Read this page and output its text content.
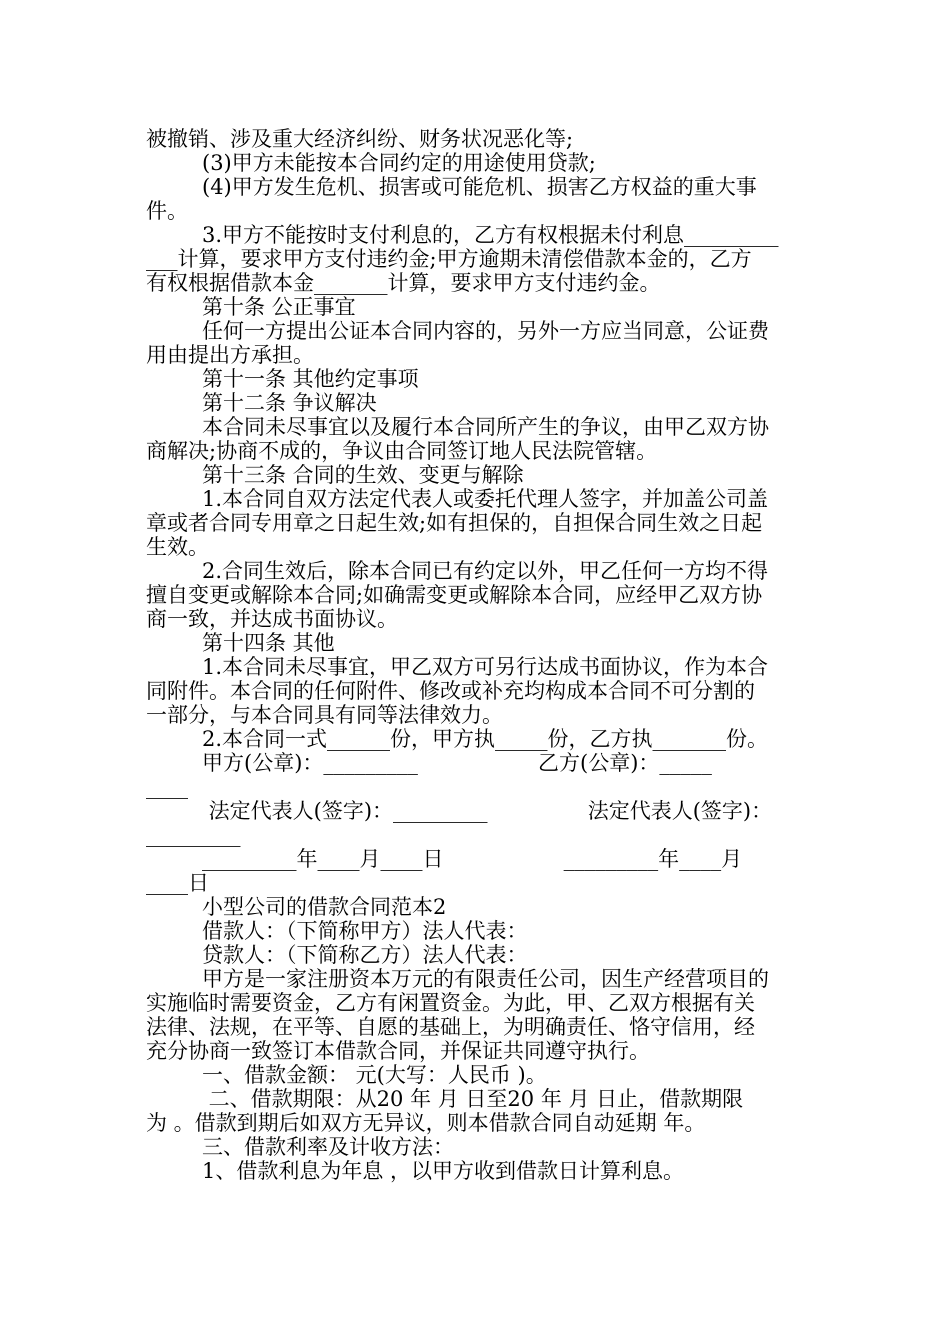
被撤销、涉及重大经济纠纷、财务状况恶化等;
(3)甲方未能按本合同约定的用途使用贷款;
(4)甲方发生危机、损害或可能危机、损害乙方权益的重大事
件。
3.甲方不能按时支付利息的，乙方有权根据未付利息_________
___计算，要求甲方支付违约金;甲方逾期未清偿借款本金的，乙方
有权根据借款本金_______计算，要求甲方支付违约金。
第十条 公正事宜
任何一方提出公证本合同内容的，另外一方应当同意，公证费
用由提出方承担。
第十一条 其他约定事项
第十二条 争议解决
本合同未尽事宜以及履行本合同所产生的争议，由甲乙双方协
商解决;协商不成的，争议由合同签订地人民法院管辖。
第十三条 合同的生效、变更与解除
1.本合同自双方法定代表人或委托代理人签字，并加盖公司盖
章或者合同专用章之日起生效;如有担保的，自担保合同生效之日起
生效。
2.合同生效后，除本合同已有约定以外，甲乙任何一方均不得
擅自变更或解除本合同;如确需变更或解除本合同，应经甲乙双方协
商一致，并达成书面协议。
第十四条 其他
1.本合同未尽事宜，甲乙双方可另行达成书面协议，作为本合
同附件。本合同的任何附件、修改或补充均构成本合同不可分割的
一部分，与本合同具有同等法律效力。
2.本合同一式______份，甲方执_____份，乙方执_______份。
甲方(公章)：_________                  乙方(公章)：_____
____
法定代表人(签字)：_________               法定代表人(签字)：
_________
_________年____月____日                  _________年____月
____日
小型公司的借款合同范本2
借款人：（下简称甲方）法人代表：
贷款人：（下简称乙方）法人代表：
甲方是一家注册资本万元的有限责任公司，因生产经营项目的
实施临时需要资金，乙方有闲置资金。为此，甲、乙双方根据有关
法律、法规，在平等、自愿的基础上，为明确责任、恪守信用，经
充分协商一致签订本借款合同，并保证共同遵守执行。
一、借款金额： 元(大写：人民币 )。
二、借款期限：从20 年 月 日至20 年 月 日止，借款期限
为 。借款到期后如双方无异议，则本借款合同自动延期 年。
三、借款利率及计收方法：
1、借款利息为年息 ，以甲方收到借款日计算利息。
